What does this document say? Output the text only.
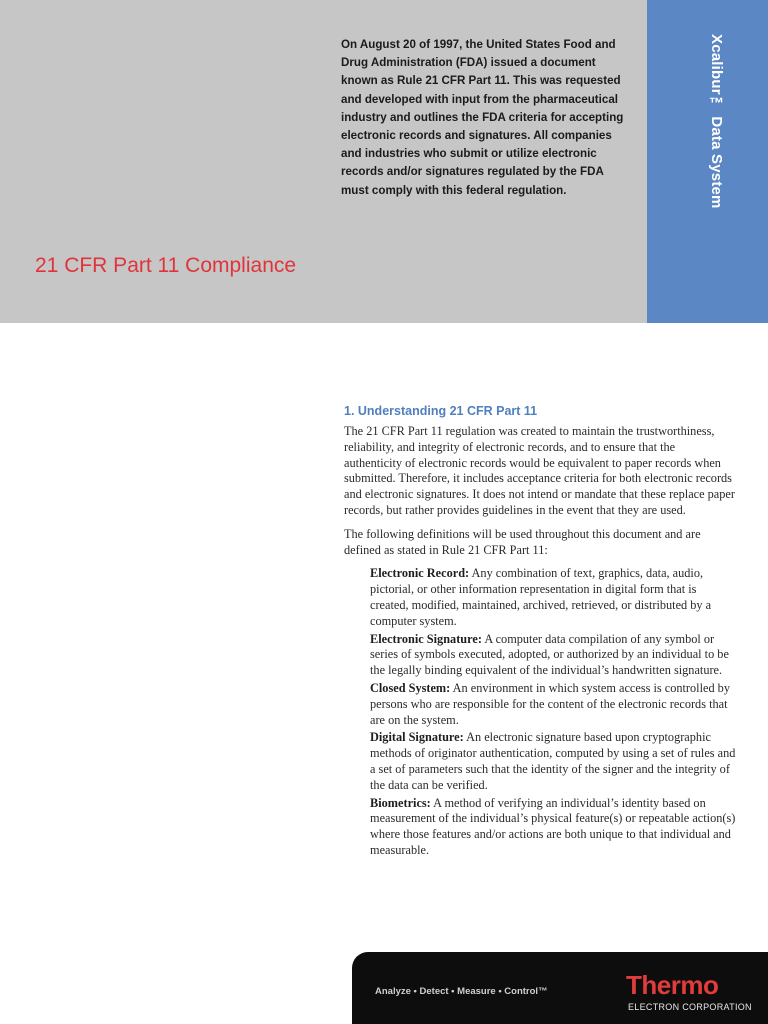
Xcalibur™ Data System
On August 20 of 1997, the United States Food and Drug Administration (FDA) issued a document known as Rule 21 CFR Part 11. This was requested and developed with input from the pharmaceutical industry and outlines the FDA criteria for accepting electronic records and signatures. All companies and industries who submit or utilize electronic records and/or signatures regulated by the FDA must comply with this federal regulation.
21 CFR Part 11 Compliance
1. Understanding 21 CFR Part 11

The 21 CFR Part 11 regulation was created to maintain the trustworthiness, reliability, and integrity of electronic records, and to ensure that the authenticity of electronic records would be equivalent to paper records when submitted. Therefore, it includes acceptance criteria for both electronic records and electronic signatures. It does not intend or mandate that these replace paper records, but rather provides guidelines in the event that they are used.

The following definitions will be used throughout this document and are defined as stated in Rule 21 CFR Part 11:

Electronic Record: Any combination of text, graphics, data, audio, pictorial, or other information representation in digital form that is created, modified, maintained, archived, retrieved, or distributed by a computer system.

Electronic Signature: A computer data compilation of any symbol or series of symbols executed, adopted, or authorized by an individual to be the legally binding equivalent of the individual’s handwritten signature.

Closed System: An environment in which system access is controlled by persons who are responsible for the content of the electronic records that are on the system.

Digital Signature: An electronic signature based upon cryptographic methods of originator authentication, computed by using a set of rules and a set of parameters such that the identity of the signer and the integrity of the data can be verified.

Biometrics: A method of verifying an individual’s identity based on measurement of the individual’s physical feature(s) or repeatable action(s) where those features and/or actions are both unique to that individual and measurable.

Analyze • Detect • Measure • Control™	Thermo
ELECTRON CORPORATION
